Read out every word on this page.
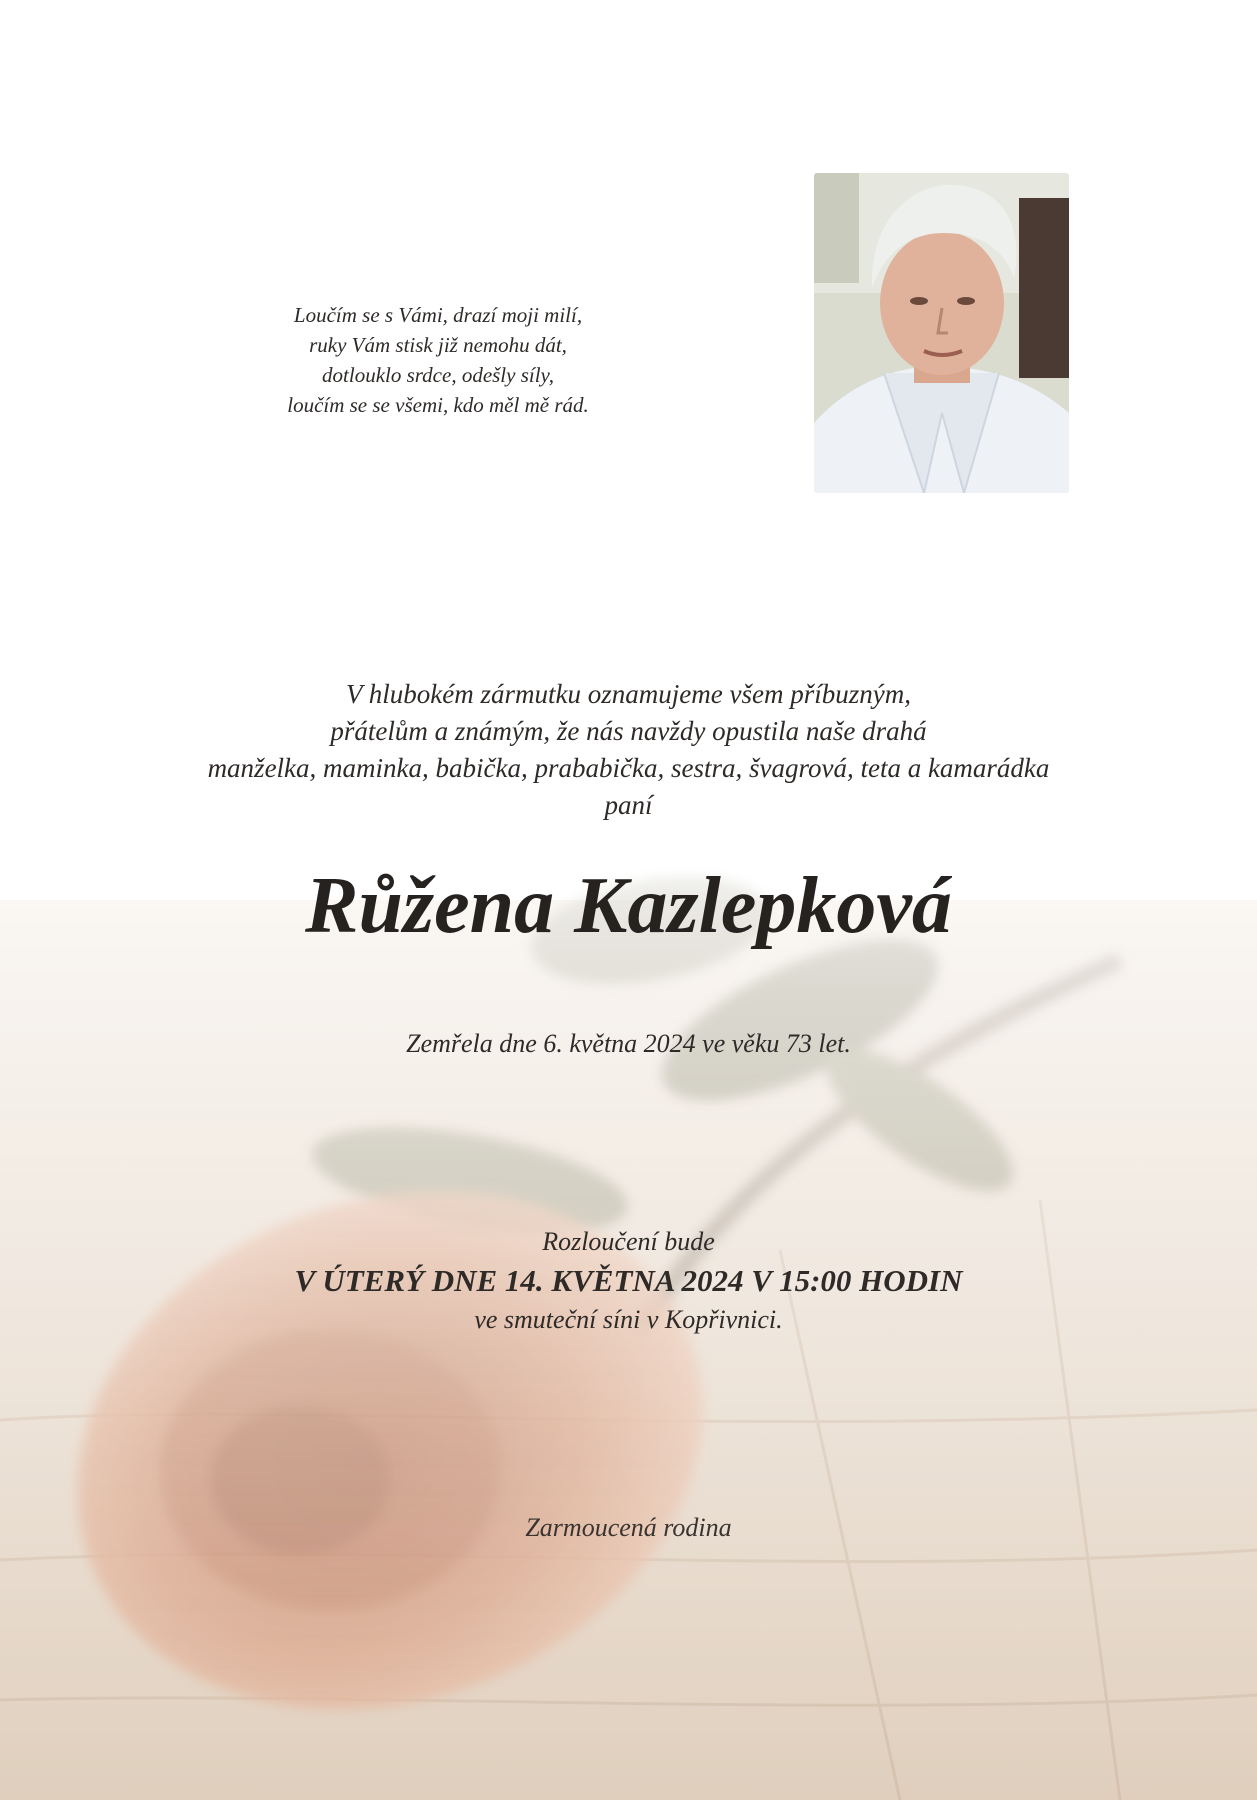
Loučím se s Vámi, drazí moji milí,
ruky Vám stisk již nemohu dát,
dotlouklo srdce, odešly síly,
loučím se se všemi, kdo měl mě rád.
V hlubokém zármutku oznamujeme všem příbuzným,
přátelům a známým, že nás navždy opustila naše drahá
manželka, maminka, babička, prababička, sestra, švagrová, teta a kamarádka
paní
Růžena Kazlepková
Zemřela dne 6. května 2024 ve věku 73 let.
Rozloučení bude
V ÚTERÝ DNE 14. KVĚTNA 2024 V 15:00 HODIN
ve smuteční síni v Kopřivnici.
Zarmoucená rodina
